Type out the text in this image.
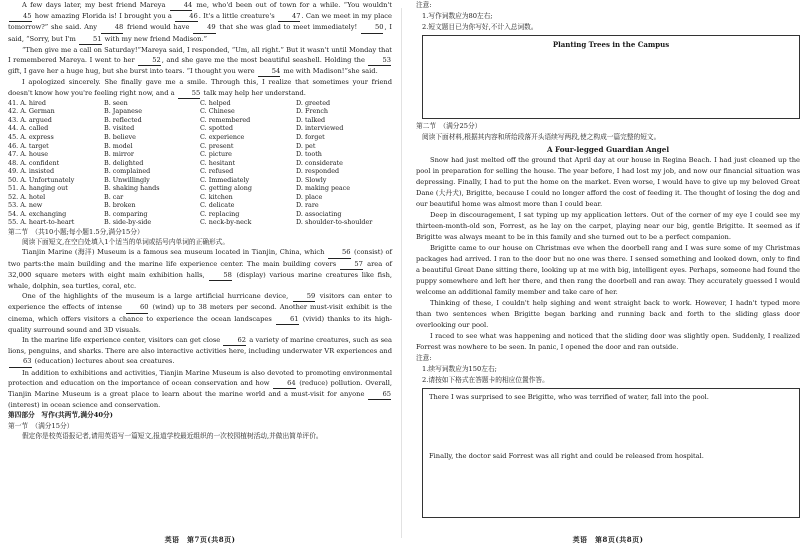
A few days later, my best friend Mareya 44 me, who'd been out of town for a while. “You wouldn't 45 how amazing Florida is! I brought you a 46. It's a little creature's 47. Can we meet in my place tomorrow?” she said. Any 48 friend would have 49 that she was glad to meet immediately! 50, I said, “Sorry, but I'm 51 with my new friend Madison.”

“Then give me a call on Saturday!”Mareya said, I responded, “Um, all right.” But it wasn't until Monday that I remembered Mareya. I went to her 52, and she gave me the most beautiful seashell. Holding the 53 gift, I gave her a huge hug, but she burst into tears. “I thought you were 54 me with Madison!”she said.

I apologized sincerely. She finally gave me a smile. Through this, I realize that sometimes your friend doesn't know how you're feeling right now, and a 55 talk may help her understand.

41. A. hired	B. seen	C. helped	D. greeted
42. A. German	B. Japanese	C. Chinese	D. French
43. A. argued	B. reflected	C. remembered	D. talked
44. A. called	B. visited	C. spotted	D. interviewed
45. A. express	B. believe	C. experience	D. forget
46. A. target	B. model	C. present	D. pet
47. A. house	B. mirror	C. picture	D. tooth
48. A. confident	B. delighted	C. hesitant	D. considerate
49. A. insisted	B. complained	C. refused	D. responded
50. A. Unfortunately	B. Unwillingly	C. Immediately	D. Slowly
51. A. hanging out	B. shaking hands	C. getting along	D. making peace
52. A. hotel	B. car	C. kitchen	D. place
53. A. new	B. broken	C. delicate	D. rare
54. A. exchanging	B. comparing	C. replacing	D. associating
55. A. heart-to-heart	B. side-by-side	C. neck-by-neck	D. shoulder-to-shoulder

第二节　（共10小题;每小题1.5分,满分15分）

阅读下面短文,在空白处填入1个适当的单词或括号内单词的正确形式。

Tianjin Marine (海洋) Museum is a famous sea museum located in Tianjin, China, which 56 (consist) of two parts:the main building and the marine life experience center. The main building covers 57 area of 32,000 square meters with eight main exhibition halls, 58 (display) various marine creatures like fish, whale, dolphin, sea turtles, coral, etc.

One of the highlights of the museum is a large artificial hurricane device, 59 visitors can enter to experience the effects of intense 60 (wind) up to 38 meters per second. Another must-visit exhibit is the cinema, which offers visitors a chance to experience the ocean landscapes 61 (vivid) thanks to its high-quality surround sound and 3D visuals.

In the marine life experience center, visitors can get close 62 a variety of marine creatures, such as sea lions, penguins, and sharks. There are also interactive activities here, including underwater VR experiences and 63 (education) lectures about sea creatures.

In addition to exhibitions and activities, Tianjin Marine Museum is also devoted to promoting environmental protection and education on the importance of ocean conservation and how 64 (reduce) pollution. Overall, Tianjin Marine Museum is a great place to learn about the marine world and a must-visit for anyone 65 (interest) in ocean science and conservation.

第四部分　写作(共两节,满分40分)

第一节　（满分15分）

假定你是校英语报记者,请用英语写一篇短文,报道学校最近组织的一次校园植树活动,并做出简单评价。

英语　第7页(共8页)

注意:

1.写作词数应为80左右;

2.短文题目已为你写好,不计入总词数。

Planting Trees in the Campus

第二节　（满分25分）

阅读下面材料,根据其内容和所给段落开头语续写两段,使之构成一篇完整的短文。

A Four-legged Guardian Angel

Snow had just melted off the ground that April day at our house in Regina Beach. I had just cleaned up the pool in preparation for selling the house. The year before, I had lost my job, and now our financial situation was depressing. Finally, I had to put the home on the market. Even worse, I would have to give up my beloved Great Dane (大丹犬), Brigitte, because I could no longer afford the cost of feeding it. The thought of losing the dog and our beautiful home was almost more than I could bear.

Deep in discouragement, I sat typing up my application letters. Out of the corner of my eye I could see my thirteen-month-old son, Forrest, as he lay on the carpet, playing near our big, gentle Brigitte. It seemed as if Brigitte was always meant to be in this family and she turned out to be a perfect companion.

Brigitte came to our house on Christmas eve when the doorbell rang and I was sure some of my Christmas packages had arrived. I ran to the door but no one was there. I sensed something and looked down, only to find a beautiful Great Dane sitting there, looking up at me with big, intelligent eyes. Perhaps, someone had found the puppy somewhere and left her there, and then rang the doorbell and ran away. They accurately guessed I would welcome an additional family member and take care of her.

Thinking of these, I couldn't help sighing and went straight back to work. However, I hadn't typed more than two sentences when Brigitte began barking and running back and forth to the sliding glass door overlooking our pool.

I raced to see what was happening and noticed that the sliding door was slightly open. Suddenly, I realized Forrest was nowhere to be seen. In panic, I opened the door and ran outside.

注意:

1.续写词数应为150左右;

2.请按如下格式在答题卡的相应位置作答。

There I was surprised to see Brigitte, who was terrified of water, fall into the pool.
Finally, the doctor said Forrest was all right and could be released from hospital.
英语　第8页(共8页)
